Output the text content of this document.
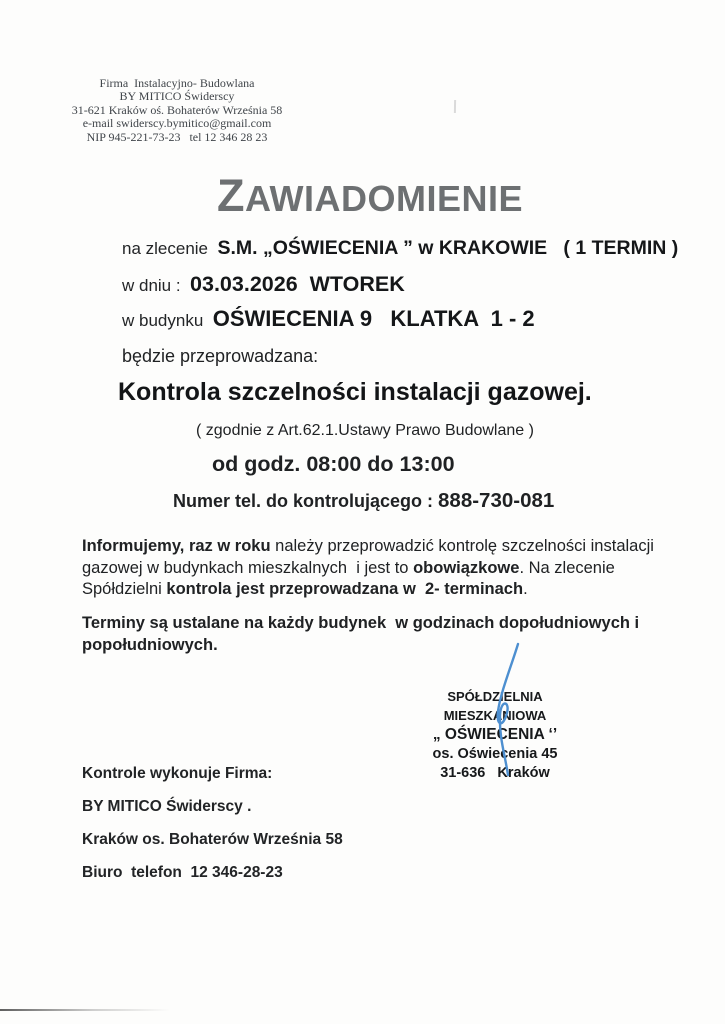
Firma  Instalacyjno- Budowlana
BY MITICO Świderscy
31-621 Kraków oś. Bohaterów Września 58
e-mail swiderscy.bymitico@gmail.com
NIP 945-221-73-23   tel 12 346 28 23
ZAWIADOMIENIE
na zlecenie  S.M. „OŚWIECENIA ” w KRAKOWIE   ( 1 TERMIN )
w dniu :  03.03.2026  WTOREK
w budynku  OŚWIECENIA 9   KLATKA  1 - 2
będzie przeprowadzana:
Kontrola szczelności instalacji gazowej.
( zgodnie z Art.62.1.Ustawy Prawo Budowlane )
od godz. 08:00 do 13:00
Numer tel. do kontrolującego : 888-730-081

Informujemy, raz w roku należy przeprowadzić kontrolę szczelności instalacji gazowej w budynkach mieszkalnych  i jest to obowiązkowe. Na zlecenie Spółdzielni kontrola jest przeprowadzana w  2- terminach.

Terminy są ustalane na każdy budynek  w godzinach dopołudniowych i popołudniowych.

SPÓŁDZIELNIA MIESZKANIOWA
„ OŚWIECENIA ‘’
os. Oświecenia 45
31-636   Kraków
Kontrole wykonuje Firma:
BY MITICO Świderscy .
Kraków os. Bohaterów Września 58
Biuro  telefon  12 346-28-23
